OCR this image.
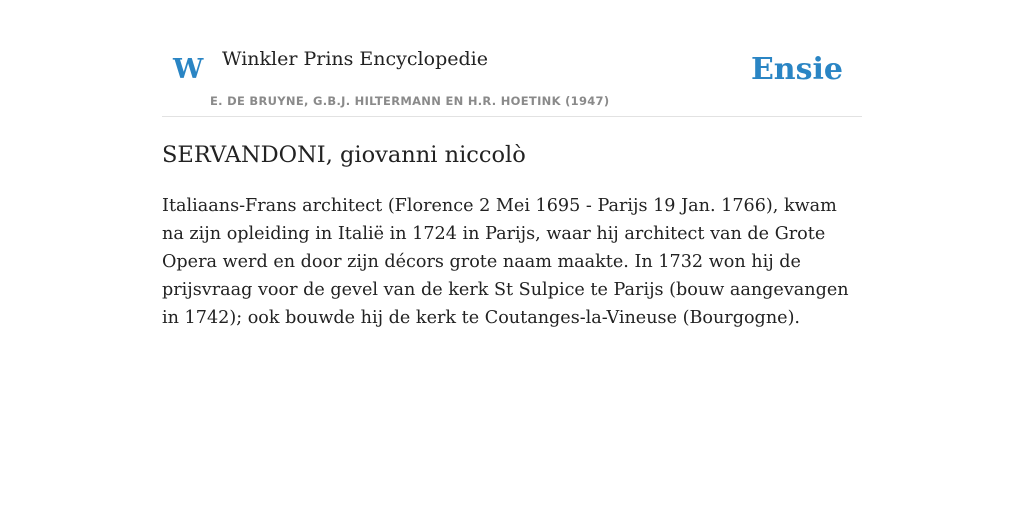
W Winkler Prins Encyclopedie
E. DE BRUYNE, G.B.J. HILTERMANN EN H.R. HOETINK (1947)
Ensie
SERVANDONI, giovanni niccolò

Italiaans-Frans architect (Florence 2 Mei 1695 - Parijs 19 Jan. 1766), kwam na zijn opleiding in Italië in 1724 in Parijs, waar hij architect van de Grote Opera werd en door zijn décors grote naam maakte. In 1732 won hij de prijsvraag voor de gevel van de kerk St Sulpice te Parijs (bouw aangevangen in 1742); ook bouwde hij de kerk te Coutanges-la-Vineuse (Bourgogne).
